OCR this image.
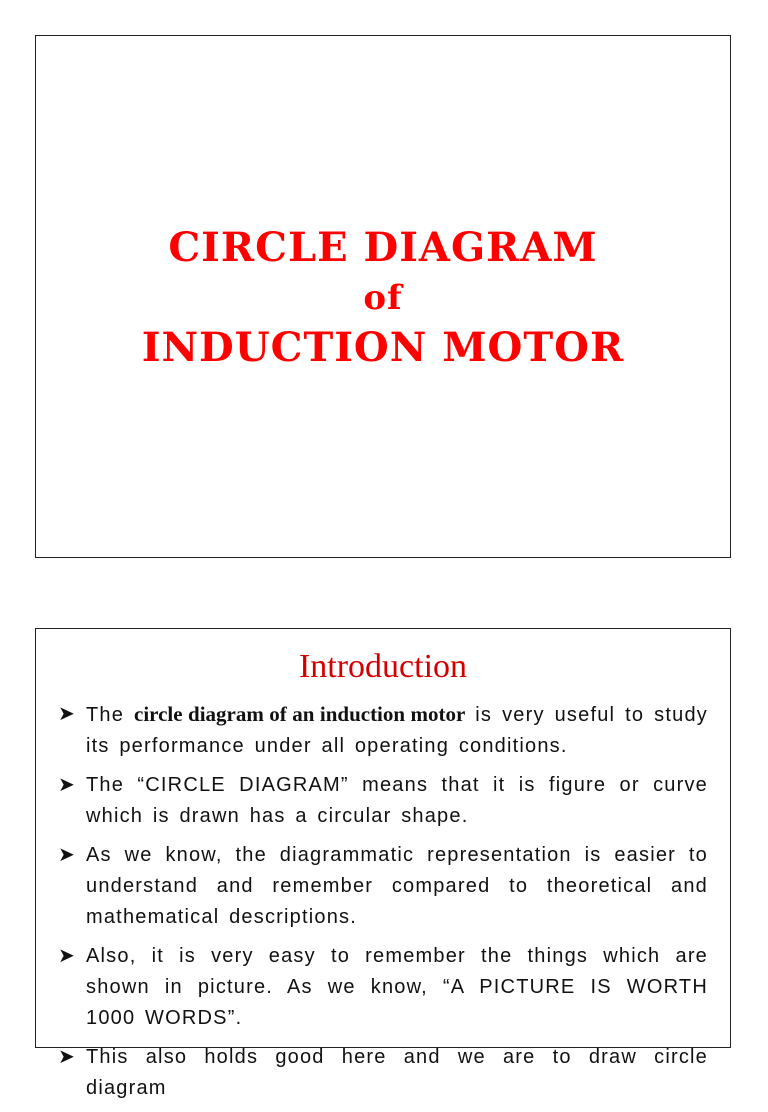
CIRCLE DIAGRAM
of
INDUCTION MOTOR
Introduction
➤ The circle diagram of an induction motor is very useful to study its performance under all operating conditions.
➤ The “CIRCLE DIAGRAM” means that it is figure or curve which is drawn has a circular shape.
➤ As we know, the diagrammatic representation is easier to understand and remember compared to theoretical and mathematical descriptions.
➤ Also, it is very easy to remember the things which are shown in picture. As we know, “A PICTURE IS WORTH 1000 WORDS”.
➤ This also holds good here and we are to draw circle diagram
